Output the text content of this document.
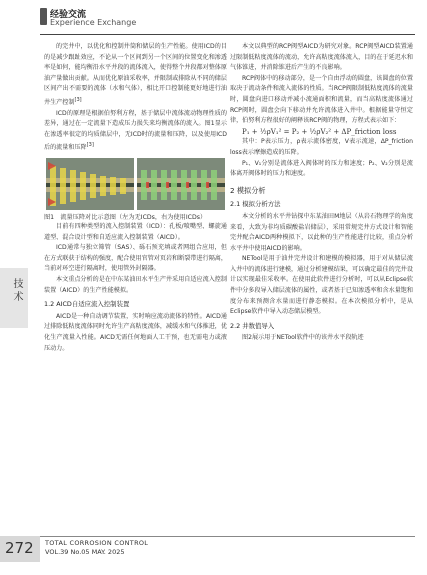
经验交流
Experience Exchange
技 术

的完井中，以优化和控制井筒和储层的生产性能。使用ICD的目的是减少跟趾效应，不论从一个区间到另一个区间的位置变化和渗透率是如何，能均衡沿水平井段的流体流入，使得整个井段都对整体原油产量做出贡献。从而优化原油采收率，并限制或排除从不同的储层区间产出不需要的流体（水和气体），相比开口控制能更好地进行油井生产控制[3]

ICD的原理是根据伯努利方程，基于储层中流体流动物理性质的差异，通过在一定流量下造成压力损失来均衡流体的流入。图1显示在渗透率很定的均质储层中，无ICD时的流量和压降，以及使用ICD后的流量和压降[3]

图1　流量压降对比示意图（左为无ICDs，右为使用ICDs）

目前有四种类型的流入控制装置（ICD）：孔板/喷嘴型、螺旋通道型、混合设计型和自适应流入控制装置（AICD）。

ICD通常与独立筛管（SAS）、砾石预充填或者网组合应用，但在方式联获于结构的强度，配合使用官管对页岩和断裂带进行隔离，当前对环空进行隔离时，使用管外封隔器。

本文重点分析的是在中东某油田水平生产井采用自适应流入控制装置（AICD）的生产性能模拟。

1.2 AICD自适应流入控制装置

AICD是一种自动调节装置，实时响应流动流体的特性。AICD通过排除低粘度流体同时允许生产高粘度流体，减缓水和气体推进，优化生产流量入性能。AICD无需任何地面人工干预，也无需电力或液压动力。

本文以典型的RCP阀型AICD为研究对象。RCP阀型AICD装置通过限制低粘度流体的流动，允许高粘度流体流入，目的在于延迟水和气体锥进，并消除锥进后产生的不良影响。

RCP阀体中的移动部分，是一个自由浮动的圆盘，该圆盘的位置取决于流动条件和流入流体的性质。当RCP阀限制低粘度流体的流量时，圆盘向进口移动并减小流通面积和流量，而当高粘度流体通过RCP阀时，圆盘会向下移动并允许流体进入井中。根据能量守恒定律，伯努利方程很好的阐释该RCP阀的物理，方程式表示如下：

P₁ + ½ρV₁² = P₂ + ½ρV₂² + ΔP_friction loss

其中：P表示压力，ρ表示流体密度，V表示流速，ΔP_friction loss表示摩擦造成的压降。

P₁、V₁分别是流体进入阀体时的压力和速度；P₂、V₂分别是流体离开阀体时的压力和速度。

2 模拟分析

2.1 模拟分析方法

本文分析的水平井钻探中东某油田M地层（从岩石物理学的角度来看，大致为非均质碳酸盐岩储层），采用常规完井方式设计和智能完井配合AICD两种模拟下，以此种的生产性能进行比较，重点分析水平井中使用AICD的影响。

NETool是用于油井完井设计和建模的模拟器，用于对从储层流入井中的流体进行建模，通过分析建模结果，可以确定最佳的完井设计以实现最佳采收率。在使用此软件进行分析时，可以从Eclipse软件中分多段导入储层流体的属性，或者基于已知渗透率和含水量饱和度分布来预测含水量而进行静态模拟。在本次模拟分析中，是从Eclipse软件中导入动态储层模型。

2.2 井数值导入

图2展示用于NETool软件中的该井水平段轨迹

272 TOTAL CORROSION CONTROL
VOL.39 No.05 MAY. 2025
